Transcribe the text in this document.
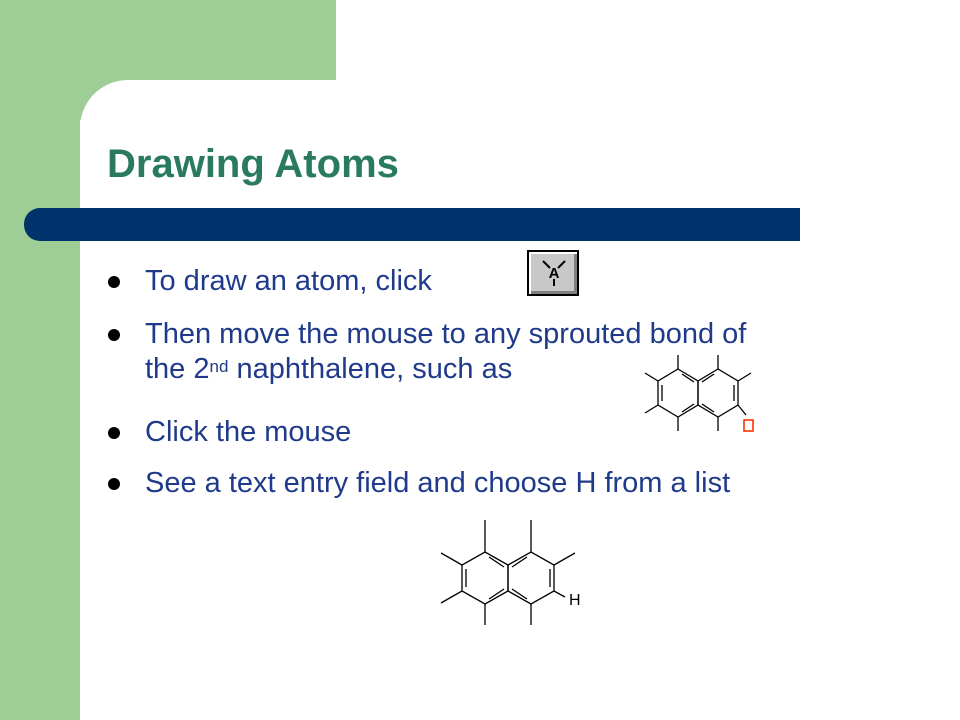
Drawing Atoms
To draw an atom, click
Then move the mouse to any sprouted bond of
the 2nd naphthalene, such as
Click the mouse
See a text entry field and choose H from a list
A
H
